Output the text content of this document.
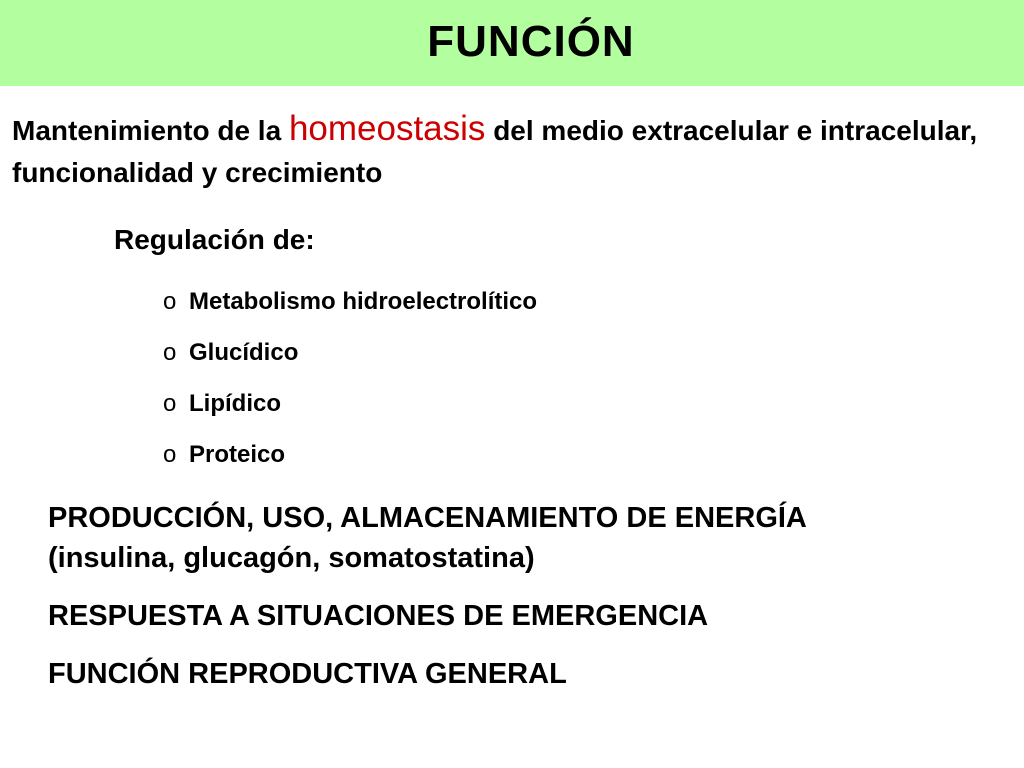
FUNCIÓN
Mantenimiento de la homeostasis del medio extracelular e intracelular, funcionalidad y crecimiento
Regulación de:
o Metabolismo hidroelectrolítico
o Glucídico
o Lipídico
o Proteico
PRODUCCIÓN, USO, ALMACENAMIENTO DE ENERGÍA
(insulina, glucagón, somatostatina)
RESPUESTA A SITUACIONES DE EMERGENCIA
FUNCIÓN REPRODUCTIVA GENERAL
